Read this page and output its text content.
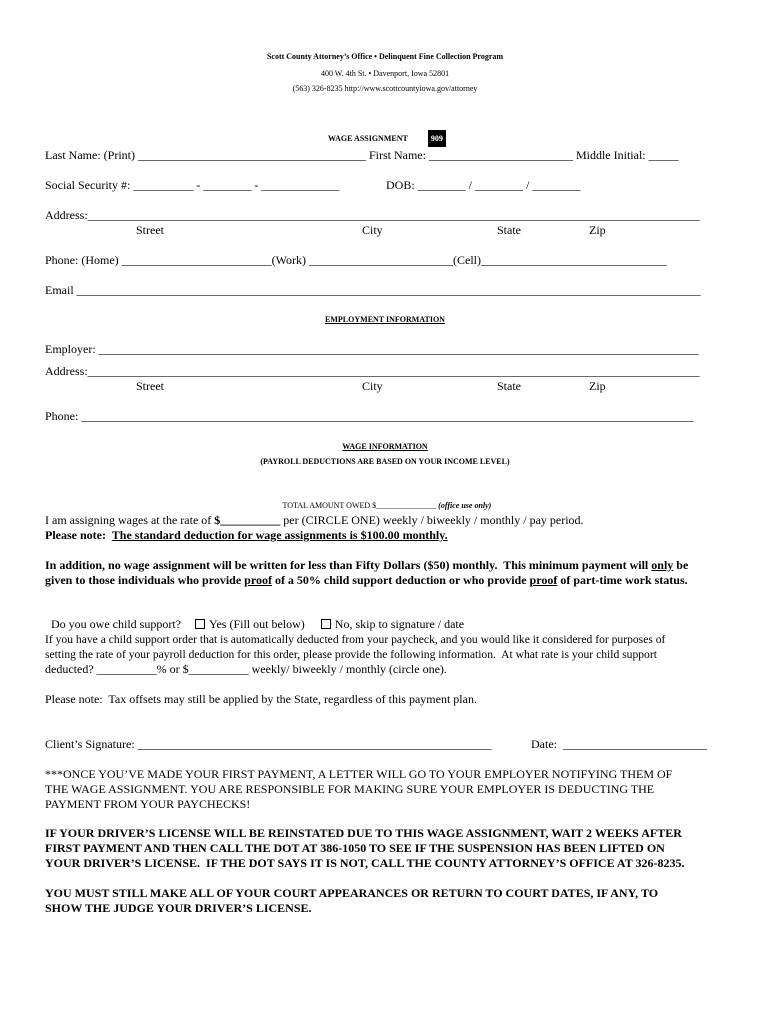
Scott County Attorney’s Office • Delinquent Fine Collection Program
400 W. 4th St. • Davenport, Iowa 52801
(563) 326-8235 http://www.scottcountyiowa.gov/attorney

WAGE ASSIGNMENT	909

Last Name: (Print) ______________________________________ First Name: ________________________ Middle Initial: _____
Social Security #: __________ - ________ - _____________	DOB: ________ / ________ / ________
Address:______________________________________________________________________________________________________
Street	City	State	Zip
Phone: (Home) _________________________(Work) ________________________(Cell)_______________________________
Email ________________________________________________________________________________________________________
EMPLOYMENT INFORMATION
Employer: ____________________________________________________________________________________________________
Address:______________________________________________________________________________________________________
Street	City	State	Zip
Phone: ______________________________________________________________________________________________________
WAGE INFORMATION
(PAYROLL DEDUCTIONS ARE BASED ON YOUR INCOME LEVEL)

TOTAL AMOUNT OWED $_______________ (office use only)

I am assigning wages at the rate of $__________ per (CIRCLE ONE) weekly / biweekly / monthly / pay period.
Please note:  The standard deduction for wage assignments is $100.00 monthly.
In addition, no wage assignment will be written for less than Fifty Dollars ($50) monthly.  This minimum payment will only be
given to those individuals who provide proof of a 50% child support deduction or who provide proof of part-time work status.

Do you owe child support? Yes (Fill out below)	No, skip to signature / date

If you have a child support order that is automatically deducted from your paycheck, and you would like it considered for purposes of
setting the rate of your payroll deduction for this order, please provide the following information.  At what rate is your child support
deducted? __________% or $__________ weekly/ biweekly / monthly (circle one).
Please note:  Tax offsets may still be applied by the State, regardless of this payment plan.
Client’s Signature: ___________________________________________________________	Date:  ________________________
***ONCE YOU’VE MADE YOUR FIRST PAYMENT, A LETTER WILL GO TO YOUR EMPLOYER NOTIFYING THEM OF
THE WAGE ASSIGNMENT. YOU ARE RESPONSIBLE FOR MAKING SURE YOUR EMPLOYER IS DEDUCTING THE
PAYMENT FROM YOUR PAYCHECKS!
IF YOUR DRIVER’S LICENSE WILL BE REINSTATED DUE TO THIS WAGE ASSIGNMENT, WAIT 2 WEEKS AFTER
FIRST PAYMENT AND THEN CALL THE DOT AT 386-1050 TO SEE IF THE SUSPENSION HAS BEEN LIFTED ON
YOUR DRIVER’S LICENSE.  IF THE DOT SAYS IT IS NOT, CALL THE COUNTY ATTORNEY’S OFFICE AT 326-8235.
YOU MUST STILL MAKE ALL OF YOUR COURT APPEARANCES OR RETURN TO COURT DATES, IF ANY, TO
SHOW THE JUDGE YOUR DRIVER’S LICENSE.
